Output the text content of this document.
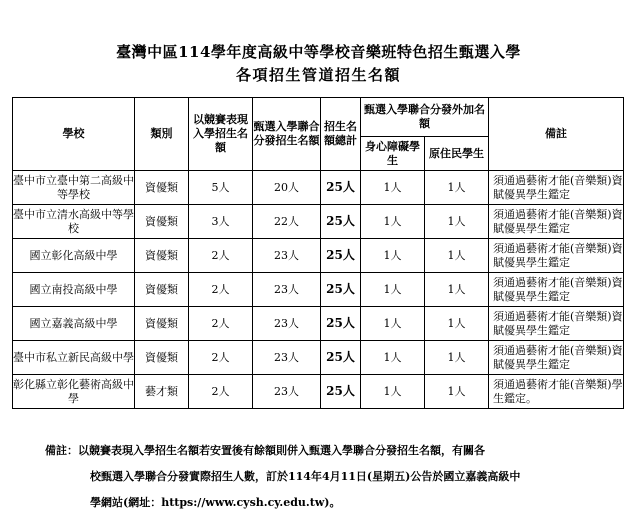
臺灣中區114學年度高級中等學校音樂班特色招生甄選入學
各項招生管道招生名額
學校	類別	以競賽表現入學招生名額	甄選入學聯合分發招生名額	招生名額總計	甄選入學聯合分發外加名額		備註
					身心障礙學生	原住民學生	
臺中市立臺中第二高級中等學校	資優類	5人	20人	25人	1人	1人	須通過藝術才能(音樂類)資賦優異學生鑑定
臺中市立清水高級中等學校	資優類	3人	22人	25人	1人	1人	須通過藝術才能(音樂類)資賦優異學生鑑定
國立彰化高級中學	資優類	2人	23人	25人	1人	1人	須通過藝術才能(音樂類)資賦優異學生鑑定
國立南投高級中學	資優類	2人	23人	25人	1人	1人	須通過藝術才能(音樂類)資賦優異學生鑑定
國立嘉義高級中學	資優類	2人	23人	25人	1人	1人	須通過藝術才能(音樂類)資賦優異學生鑑定
臺中市私立新民高級中學	資優類	2人	23人	25人	1人	1人	須通過藝術才能(音樂類)資賦優異學生鑑定
彰化縣立彰化藝術高級中學	藝才類	2人	23人	25人	1人	1人	須通過藝術才能(音樂類)學生鑑定。
備註：以競賽表現入學招生名額若安置後有餘額則併入甄選入學聯合分發招生名額，有關各
校甄選入學聯合分發實際招生人數，訂於114年4月11日(星期五)公告於國立嘉義高級中
學網站(網址：https://www.cysh.cy.edu.tw)。
